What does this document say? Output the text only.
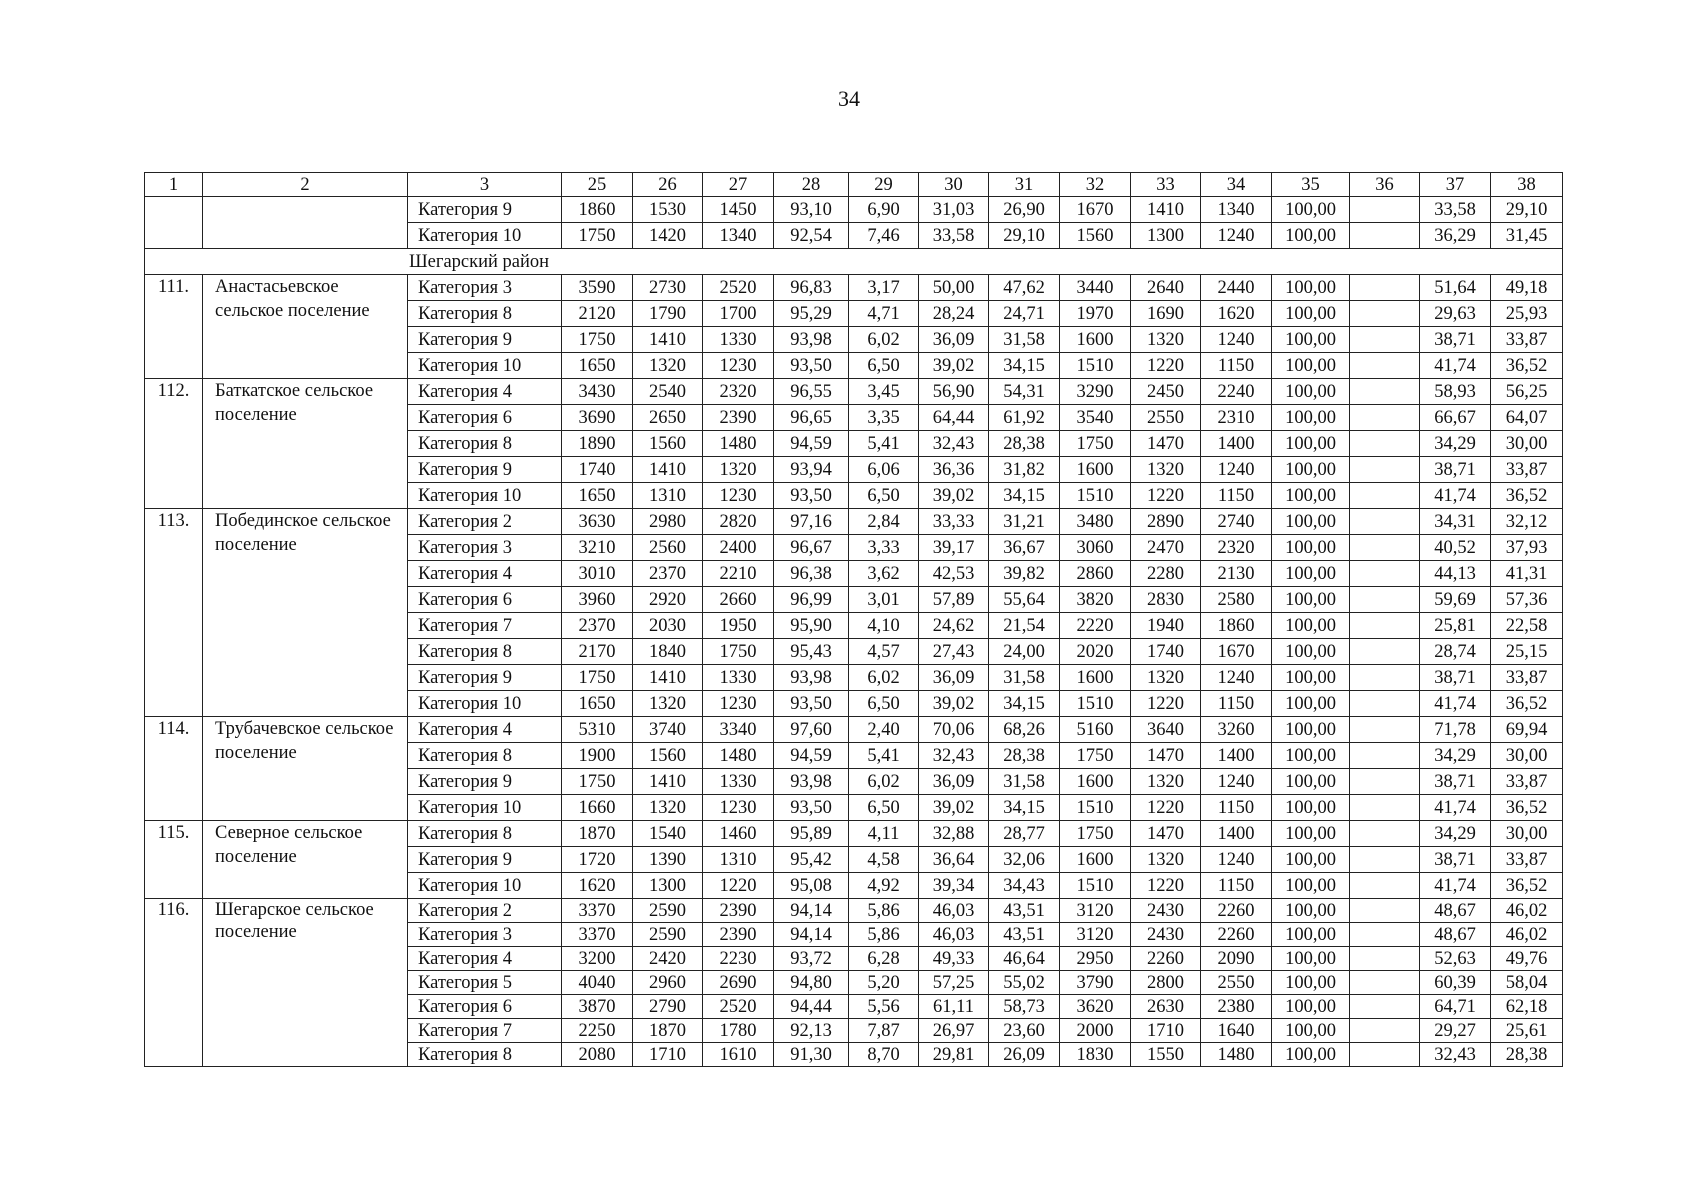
34
1	2	3	25	26	27	28	29	30	31	32	33	34	35	36	37	38
		Категория 9	1860	1530	1450	93,10	6,90	31,03	26,90	1670	1410	1340	100,00		33,58	29,10
		Категория 10	1750	1420	1340	92,54	7,46	33,58	29,10	1560	1300	1240	100,00		36,29	31,45
Шегарский район																
111.	Анастасьевское сельское поселение	Категория 3	3590	2730	2520	96,83	3,17	50,00	47,62	3440	2640	2440	100,00		51,64	49,18
		Категория 8	2120	1790	1700	95,29	4,71	28,24	24,71	1970	1690	1620	100,00		29,63	25,93
		Категория 9	1750	1410	1330	93,98	6,02	36,09	31,58	1600	1320	1240	100,00		38,71	33,87
		Категория 10	1650	1320	1230	93,50	6,50	39,02	34,15	1510	1220	1150	100,00		41,74	36,52
112.	Баткатское сельское поселение	Категория 4	3430	2540	2320	96,55	3,45	56,90	54,31	3290	2450	2240	100,00		58,93	56,25
		Категория 6	3690	2650	2390	96,65	3,35	64,44	61,92	3540	2550	2310	100,00		66,67	64,07
		Категория 8	1890	1560	1480	94,59	5,41	32,43	28,38	1750	1470	1400	100,00		34,29	30,00
		Категория 9	1740	1410	1320	93,94	6,06	36,36	31,82	1600	1320	1240	100,00		38,71	33,87
		Категория 10	1650	1310	1230	93,50	6,50	39,02	34,15	1510	1220	1150	100,00		41,74	36,52
113.	Побединское сельское поселение	Категория 2	3630	2980	2820	97,16	2,84	33,33	31,21	3480	2890	2740	100,00		34,31	32,12
		Категория 3	3210	2560	2400	96,67	3,33	39,17	36,67	3060	2470	2320	100,00		40,52	37,93
		Категория 4	3010	2370	2210	96,38	3,62	42,53	39,82	2860	2280	2130	100,00		44,13	41,31
		Категория 6	3960	2920	2660	96,99	3,01	57,89	55,64	3820	2830	2580	100,00		59,69	57,36
		Категория 7	2370	2030	1950	95,90	4,10	24,62	21,54	2220	1940	1860	100,00		25,81	22,58
		Категория 8	2170	1840	1750	95,43	4,57	27,43	24,00	2020	1740	1670	100,00		28,74	25,15
		Категория 9	1750	1410	1330	93,98	6,02	36,09	31,58	1600	1320	1240	100,00		38,71	33,87
		Категория 10	1650	1320	1230	93,50	6,50	39,02	34,15	1510	1220	1150	100,00		41,74	36,52
114.	Трубачевское сельское поселение	Категория 4	5310	3740	3340	97,60	2,40	70,06	68,26	5160	3640	3260	100,00		71,78	69,94
		Категория 8	1900	1560	1480	94,59	5,41	32,43	28,38	1750	1470	1400	100,00		34,29	30,00
		Категория 9	1750	1410	1330	93,98	6,02	36,09	31,58	1600	1320	1240	100,00		38,71	33,87
		Категория 10	1660	1320	1230	93,50	6,50	39,02	34,15	1510	1220	1150	100,00		41,74	36,52
115.	Северное сельское поселение	Категория 8	1870	1540	1460	95,89	4,11	32,88	28,77	1750	1470	1400	100,00		34,29	30,00
		Категория 9	1720	1390	1310	95,42	4,58	36,64	32,06	1600	1320	1240	100,00		38,71	33,87
		Категория 10	1620	1300	1220	95,08	4,92	39,34	34,43	1510	1220	1150	100,00		41,74	36,52
116.	Шегарское сельское поселение	Категория 2	3370	2590	2390	94,14	5,86	46,03	43,51	3120	2430	2260	100,00		48,67	46,02
		Категория 3	3370	2590	2390	94,14	5,86	46,03	43,51	3120	2430	2260	100,00		48,67	46,02
		Категория 4	3200	2420	2230	93,72	6,28	49,33	46,64	2950	2260	2090	100,00		52,63	49,76
		Категория 5	4040	2960	2690	94,80	5,20	57,25	55,02	3790	2800	2550	100,00		60,39	58,04
		Категория 6	3870	2790	2520	94,44	5,56	61,11	58,73	3620	2630	2380	100,00		64,71	62,18
		Категория 7	2250	1870	1780	92,13	7,87	26,97	23,60	2000	1710	1640	100,00		29,27	25,61
		Категория 8	2080	1710	1610	91,30	8,70	29,81	26,09	1830	1550	1480	100,00		32,43	28,38
